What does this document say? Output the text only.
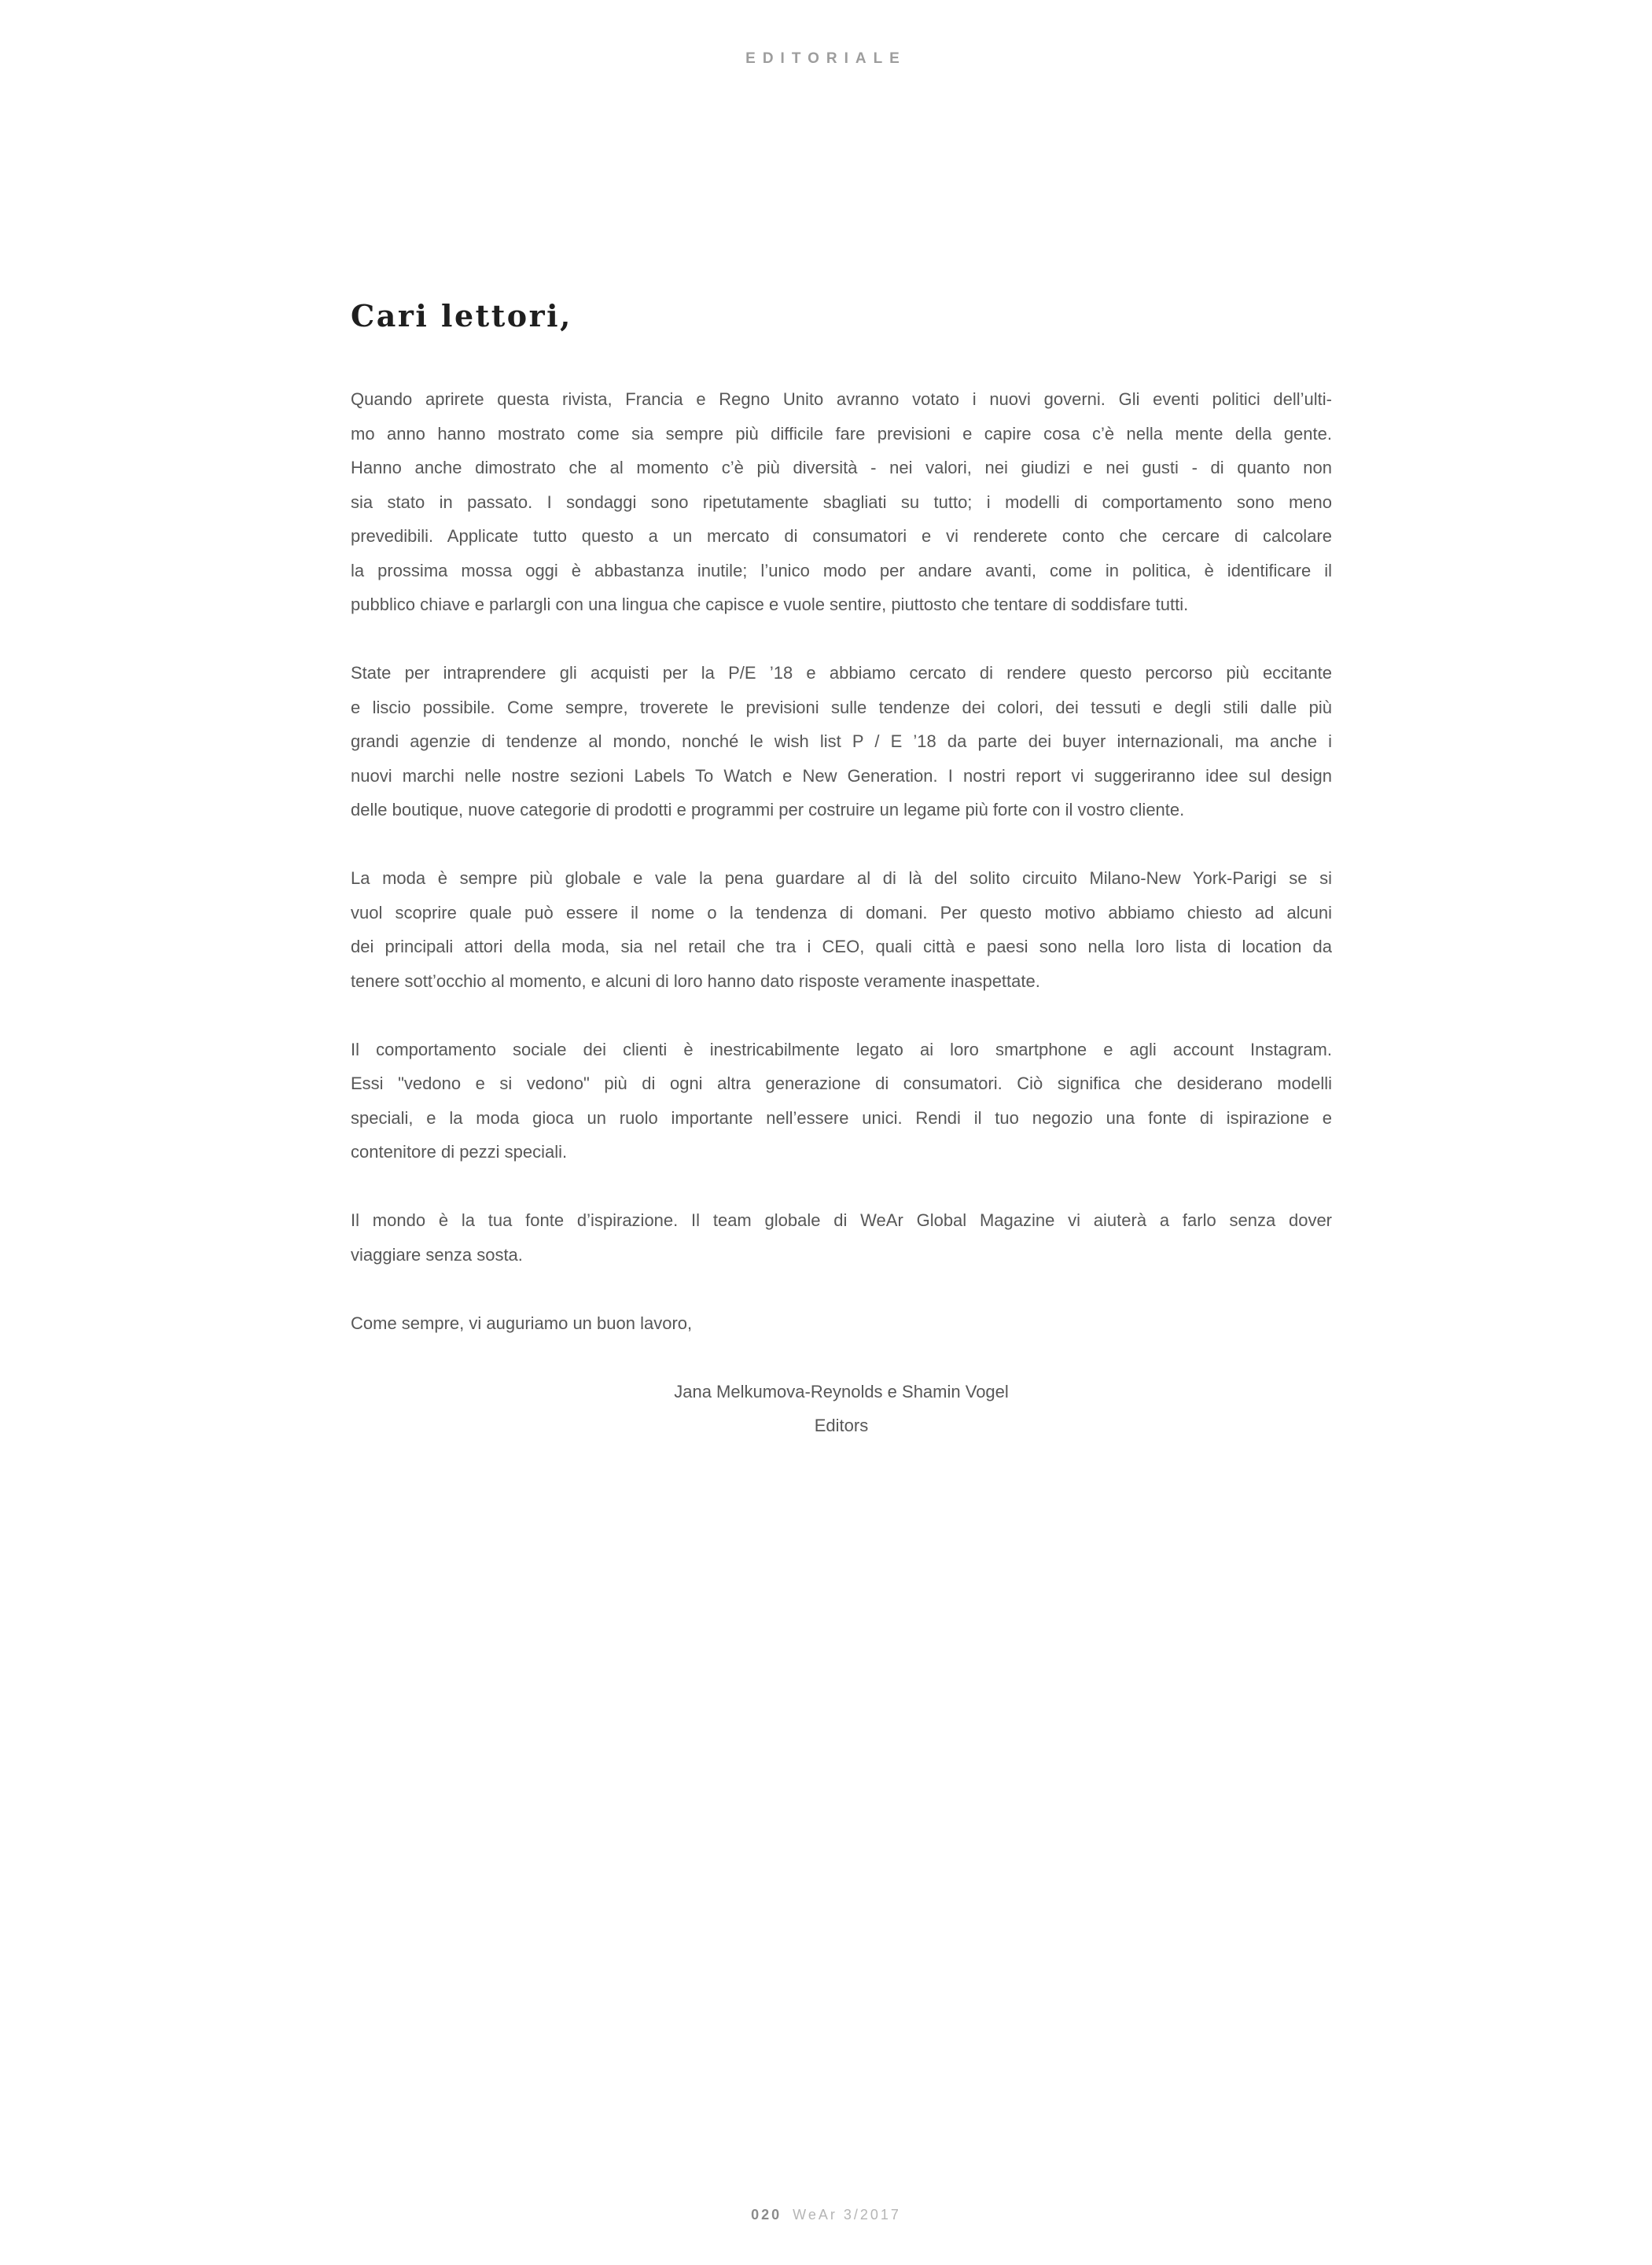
EDITORIALE
Cari lettori,
Quando aprirete questa rivista, Francia e Regno Unito avranno votato i nuovi governi. Gli eventi politici dell’ulti-
mo anno hanno mostrato come sia sempre più difficile fare previsioni e capire cosa c’è nella mente della gente.
Hanno anche dimostrato che al momento c’è più diversità - nei valori, nei giudizi e nei gusti - di quanto non
sia stato in passato. I sondaggi sono ripetutamente sbagliati su tutto; i modelli di comportamento sono meno
prevedibili. Applicate tutto questo a un mercato di consumatori e vi renderete conto che cercare di calcolare
la prossima mossa oggi è abbastanza inutile; l’unico modo per andare avanti, come in politica, è identificare il
pubblico chiave e parlargli con una lingua che capisce e vuole sentire, piuttosto che tentare di soddisfare tutti.
State per intraprendere gli acquisti per la P/E ’18 e abbiamo cercato di rendere questo percorso più eccitante
e liscio possibile. Come sempre, troverete le previsioni sulle tendenze dei colori, dei tessuti e degli stili dalle più
grandi agenzie di tendenze al mondo, nonché le wish list P / E ’18 da parte dei buyer internazionali, ma anche i
nuovi marchi nelle nostre sezioni Labels To Watch e New Generation. I nostri report vi suggeriranno idee sul design
delle boutique, nuove categorie di prodotti e programmi per costruire un legame più forte con il vostro cliente.
La moda è sempre più globale e vale la pena guardare al di là del solito circuito Milano-New York-Parigi se si
vuol scoprire quale può essere il nome o la tendenza di domani. Per questo motivo abbiamo chiesto ad alcuni
dei principali attori della moda, sia nel retail che tra i CEO, quali città e paesi sono nella loro lista di location da
tenere sott’occhio al momento, e alcuni di loro hanno dato risposte veramente inaspettate.
Il comportamento sociale dei clienti è inestricabilmente legato ai loro smartphone e agli account Instagram.
Essi "vedono e si vedono" più di ogni altra generazione di consumatori. Ciò significa che desiderano modelli
speciali, e la moda gioca un ruolo importante nell’essere unici. Rendi il tuo negozio una fonte di ispirazione e
contenitore di pezzi speciali.
Il mondo è la tua fonte d’ispirazione. Il team globale di WeAr Global Magazine vi aiuterà a farlo senza dover
viaggiare senza sosta.
Come sempre, vi auguriamo un buon lavoro,
Jana Melkumova-Reynolds e Shamin Vogel
Editors
020 WeAr 3/2017
